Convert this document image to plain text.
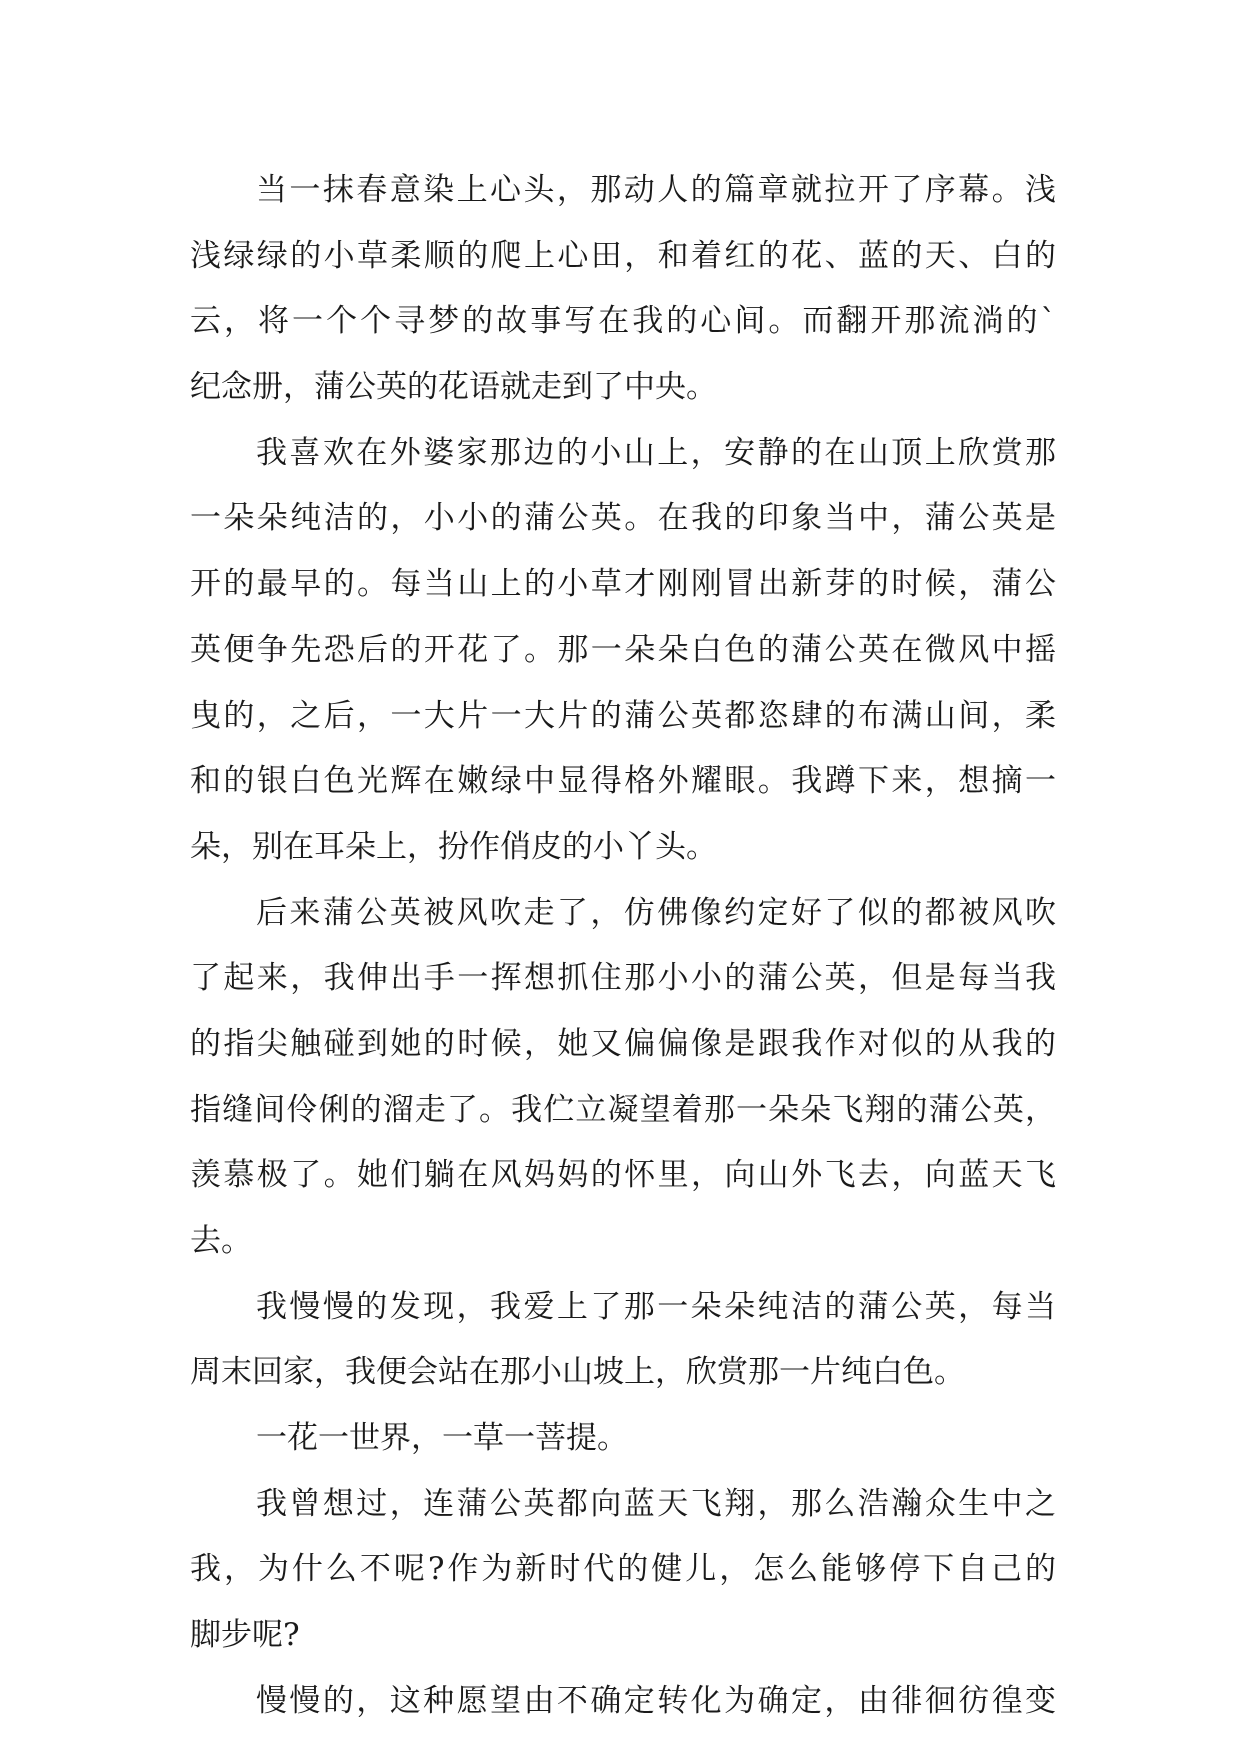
当一抹春意染上心头，那动人的篇章就拉开了序幕。浅
浅绿绿的小草柔顺的爬上心田，和着红的花、蓝的天、白的
云，将一个个寻梦的故事写在我的心间。而翻开那流淌的`
纪念册，蒲公英的花语就走到了中央。
我喜欢在外婆家那边的小山上，安静的在山顶上欣赏那
一朵朵纯洁的，小小的蒲公英。在我的印象当中，蒲公英是
开的最早的。每当山上的小草才刚刚冒出新芽的时候，蒲公
英便争先恐后的开花了。那一朵朵白色的蒲公英在微风中摇
曳的，之后，一大片一大片的蒲公英都恣肆的布满山间，柔
和的银白色光辉在嫩绿中显得格外耀眼。我蹲下来，想摘一
朵，别在耳朵上，扮作俏皮的小丫头。
后来蒲公英被风吹走了，仿佛像约定好了似的都被风吹
了起来，我伸出手一挥想抓住那小小的蒲公英，但是每当我
的指尖触碰到她的时候，她又偏偏像是跟我作对似的从我的
指缝间伶俐的溜走了。我伫立凝望着那一朵朵飞翔的蒲公英，
羡慕极了。她们躺在风妈妈的怀里，向山外飞去，向蓝天飞
去。
我慢慢的发现，我爱上了那一朵朵纯洁的蒲公英，每当
周末回家，我便会站在那小山坡上，欣赏那一片纯白色。
一花一世界，一草一菩提。
我曾想过，连蒲公英都向蓝天飞翔，那么浩瀚众生中之
我，为什么不呢?作为新时代的健儿，怎么能够停下自己的
脚步呢?
慢慢的，这种愿望由不确定转化为确定，由徘徊彷徨变
